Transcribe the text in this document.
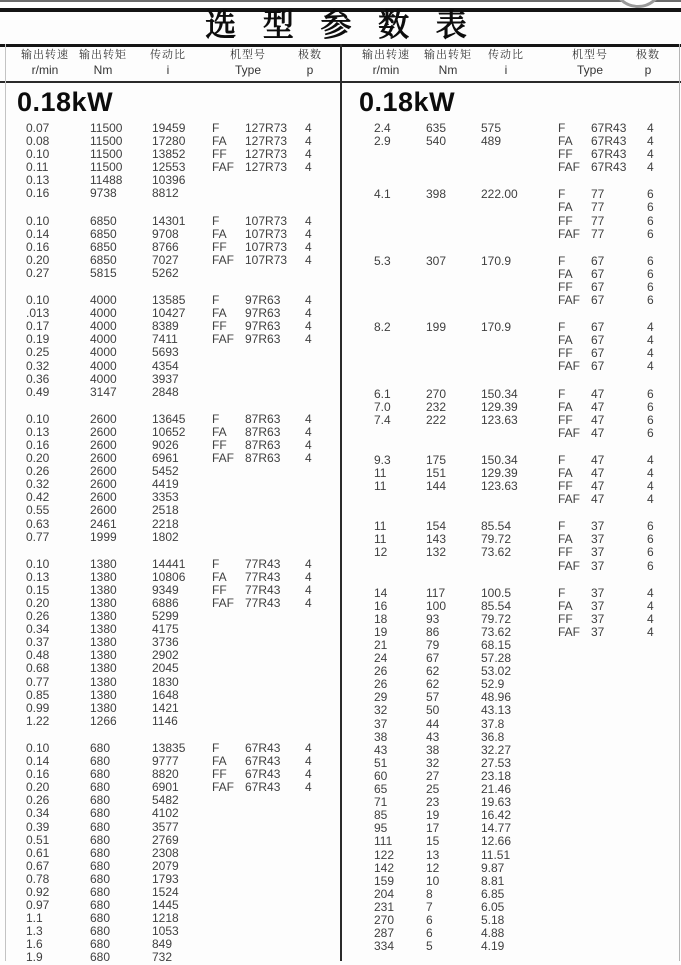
选 型 参 数 表
输出转速
r/min
输出转矩
Nm
传动比
i
机型号
Type
极数
p
输出转速
r/min
输出转矩
Nm
传动比
i
机型号
Type
极数
p
0.18kW
0.07	11500	19459	F	127R73	4
0.08	11500	17280	FA	127R73	4
0.10	11500	13852	FF	127R73	4
0.11	11500	12553	FAF 127R73	4
0.13	11488	10396
0.16	9738	8812
0.10	6850	14301	F	107R73	4
0.14	6850	9708	FA	107R73	4
0.16	6850	8766	FF	107R73	4
0.20	6850	7027	FAF 107R73	4
0.27	5815	5262
0.10	4000	13585	F	97R63	4
.013	4000	10427	FA	97R63	4
0.17	4000	8389	FF	97R63	4
0.19	4000	7411	FAF 97R63	4
0.25	4000	5693
0.32	4000	4354
0.36	4000	3937
0.49	3147	2848
0.10	2600	13645	F	87R63	4
0.13	2600	10652	FA	87R63	4
0.16	2600	9026	FF	87R63	4
0.20	2600	6961	FAF 87R63	4
0.26	2600	5452
0.32	2600	4419
0.42	2600	3353
0.55	2600	2518
0.63	2461	2218
0.77	1999	1802
0.10	1380	14441	F	77R43	4
0.13	1380	10806	FA	77R43	4
0.15	1380	9349	FF	77R43	4
0.20	1380	6886	FAF 77R43	4
0.26	1380	5299
0.34	1380	4175
0.37	1380	3736
0.48	1380	2902
0.68	1380	2045
0.77	1380	1830
0.85	1380	1648
0.99	1380	1421
1.22	1266	1146
0.10	680	13835	F	67R43	4
0.14	680	9777	FA	67R43	4
0.16	680	8820	FF	67R43	4
0.20	680	6901	FAF 67R43	4
0.26	680	5482
0.34	680	4102
0.39	680	3577
0.51	680	2769
0.61	680	2308
0.67	680	2079
0.78	680	1793
0.92	680	1524
0.97	680	1445
1.1	680	1218
1.3	680	1053
1.6	680	849
1.9	680	732
0.18kW
2.4	635	575	F	67R43	4
2.9	540	489	FA	67R43	4
FF	67R43	4
FAF 67R43	4
4.1	398	222.00	F	77	6
FA	77	6
FF	77	6
FAF 77	6
5.3	307	170.9	F	67	6
FA	67	6
FF	67	6
FAF 67	6
8.2	199	170.9	F	67	4
FA	67	4
FF	67	4
FAF 67	4
6.1	270	150.34	F	47	6
7.0	232	129.39	FA	47	6
7.4	222	123.63	FF	47	6
FAF 47	6
9.3	175	150.34	F	47	4
11	151	129.39	FA	47	4
11	144	123.63	FF	47	4
FAF 47	4
11	154	85.54	F	37	6
11	143	79.72	FA	37	6
12	132	73.62	FF	37	6
FAF 37	6
14	117	100.5	F	37	4
16	100	85.54	FA	37	4
18	93	79.72	FF	37	4
19	86	73.62	FAF 37	4
21	79	68.15
24	67	57.28
26	62	53.02
26	62	52.9
29	57	48.96
32	50	43.13
37	44	37.8
38	43	36.8
43	38	32.27
51	32	27.53
60	27	23.18
65	25	21.46
71	23	19.63
85	19	16.42
95	17	14.77
111	15	12.66
122	13	11.51
142	12	9.87
159	10	8.81
204	8	6.85
231	7	6.05
270	6	5.18
287	6	4.88
334	5	4.19
